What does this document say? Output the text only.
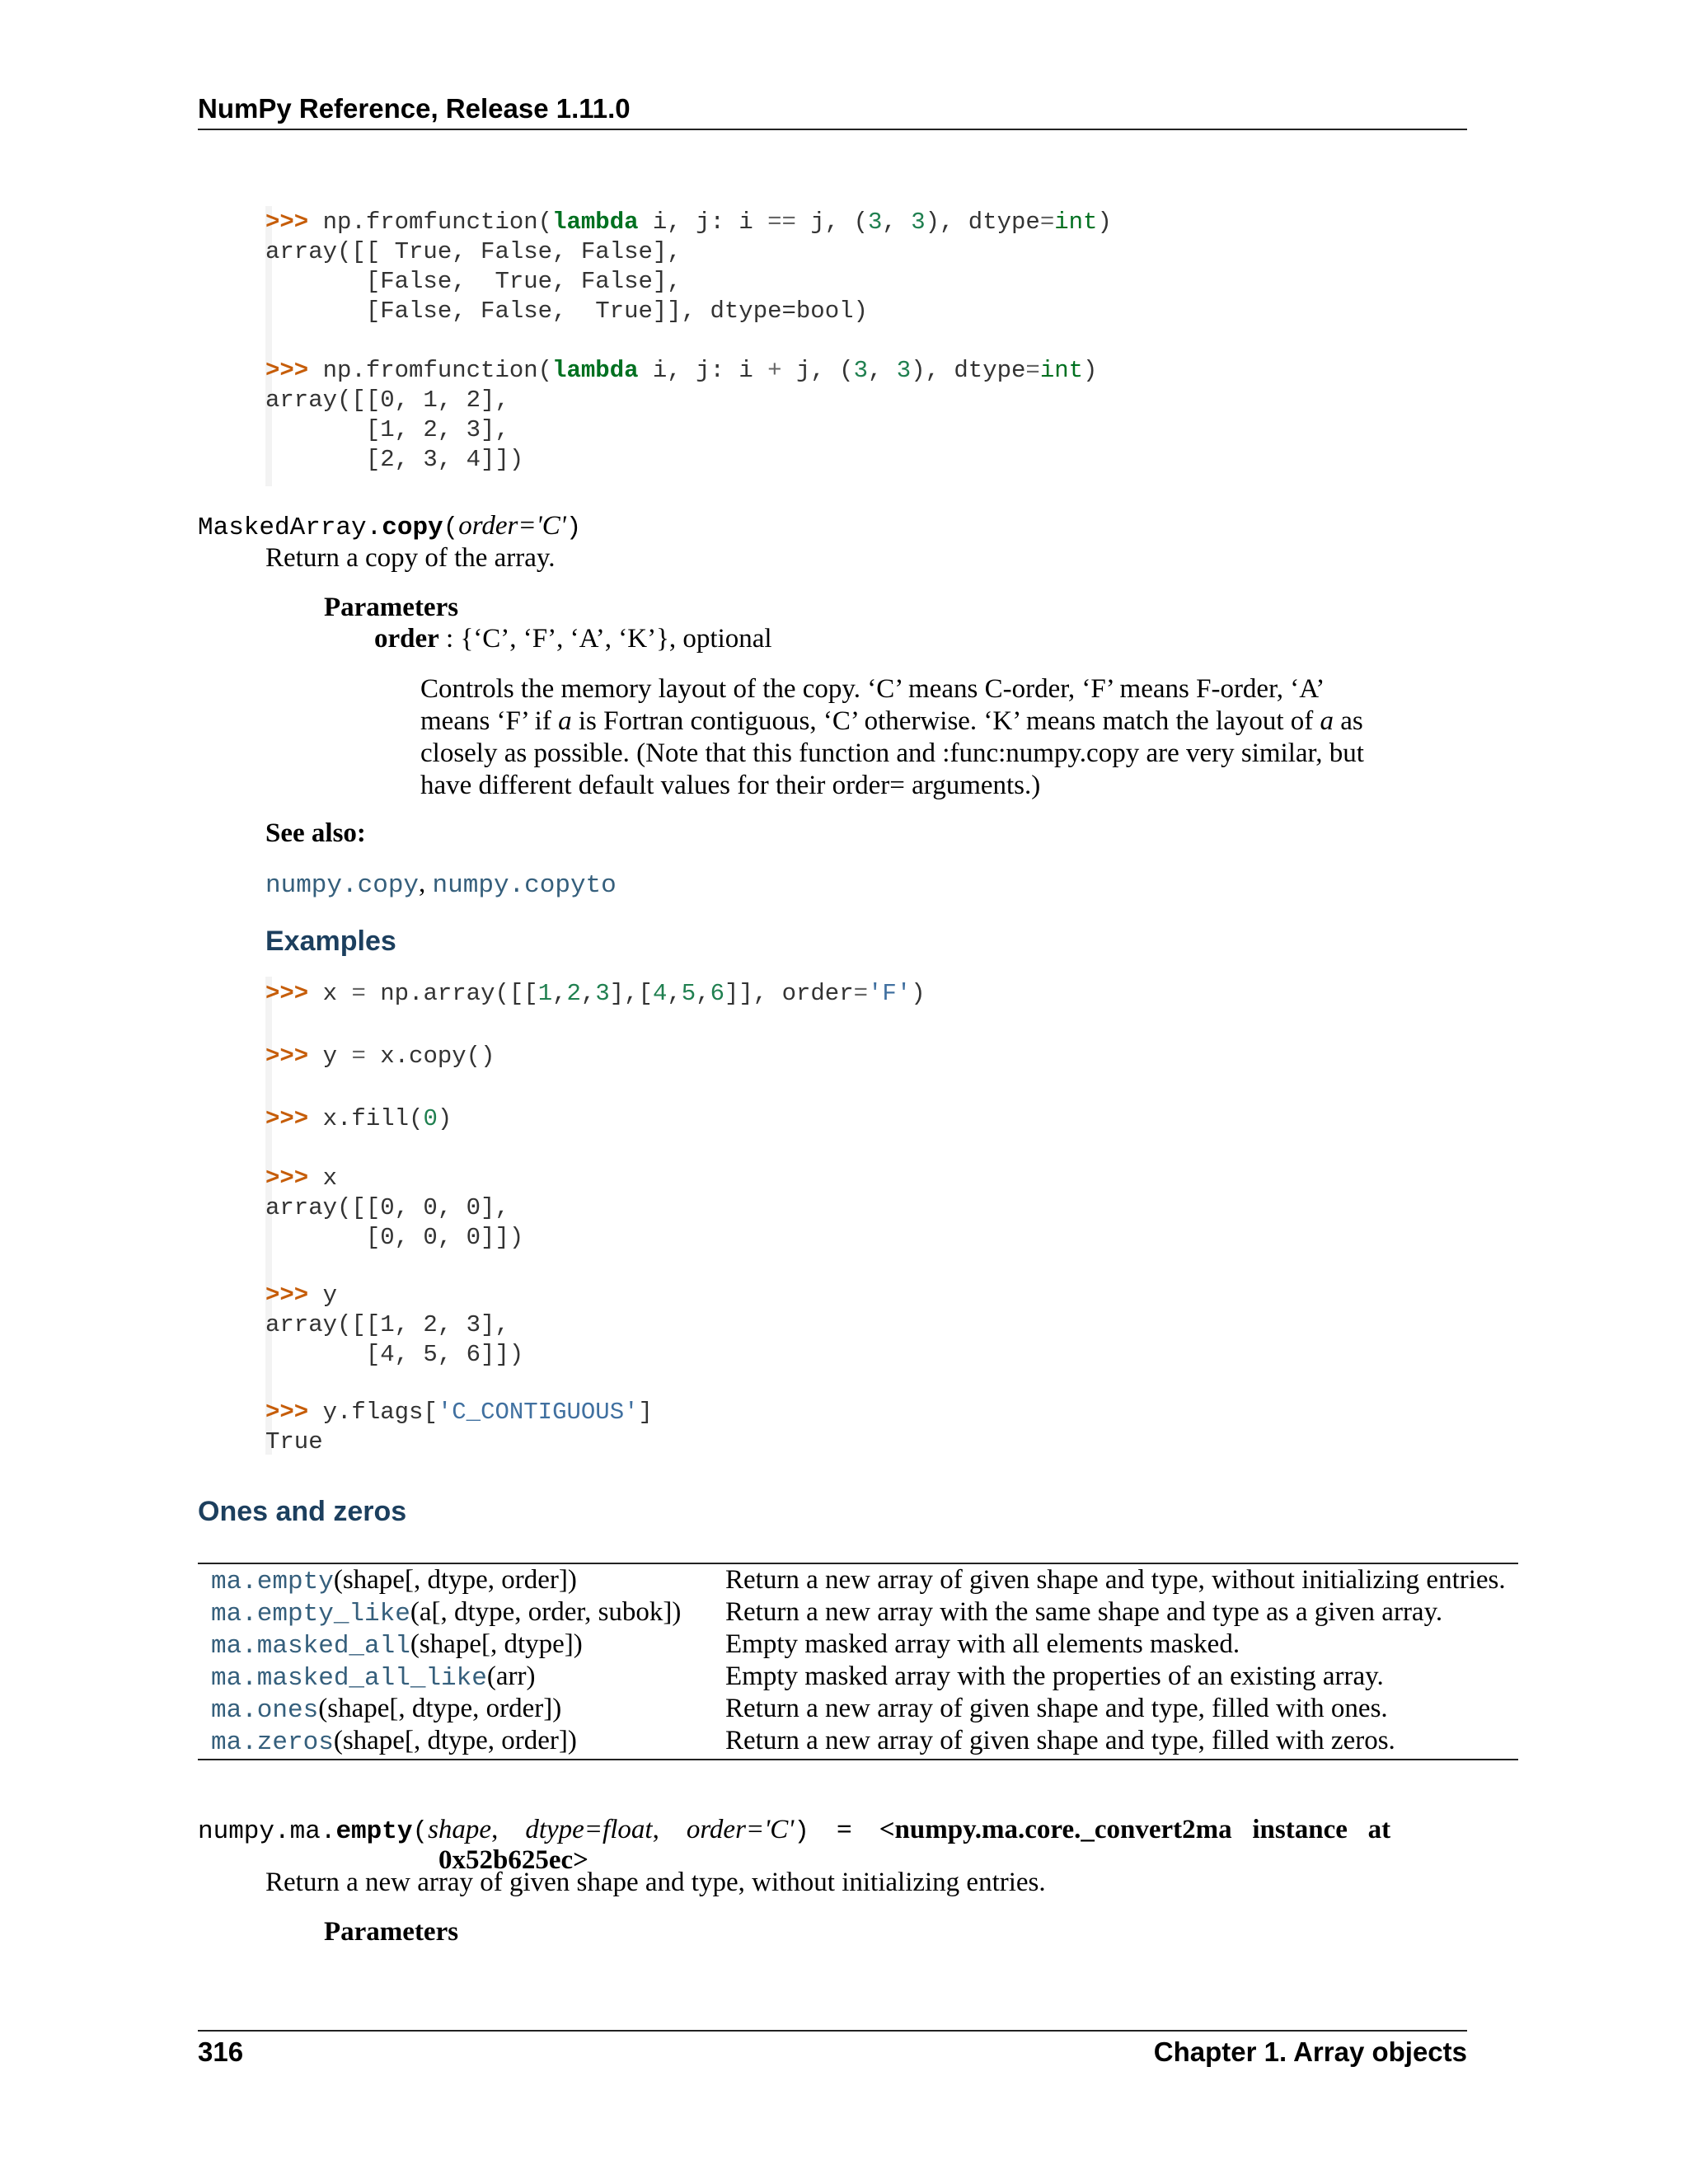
NumPy Reference, Release 1.11.0
>>> np.fromfunction(lambda i, j: i == j, (3, 3), dtype=int)
array([[ True, False, False],
[False,  True, False],
[False, False,  True]], dtype=bool)

>>> np.fromfunction(lambda i, j: i + j, (3, 3), dtype=int)
array([[0, 1, 2],
[1, 2, 3],
[2, 3, 4]])
MaskedArray.copy(order='C')
Return a copy of the array.
Parameters
order : {‘C’, ‘F’, ‘A’, ‘K’}, optional
Controls the memory layout of the copy. ‘C’ means C-order, ‘F’ means F-order, ‘A’ means ‘F’ if a is Fortran contiguous, ‘C’ otherwise. ‘K’ means match the layout of a as closely as possible. (Note that this function and :func:numpy.copy are very similar, but have different default values for their order= arguments.)
See also:
numpy.copy, numpy.copyto
Examples
>>> x = np.array([[1,2,3],[4,5,6]], order='F')
>>> y = x.copy()
>>> x.fill(0)
>>> x
array([[0, 0, 0],
[0, 0, 0]])
>>> y
array([[1, 2, 3],
[4, 5, 6]])
>>> y.flags['C_CONTIGUOUS']
True
Ones and zeros
ma.empty(shape[, dtype, order])	Return a new array of given shape and type, without initializing entries.
ma.empty_like(a[, dtype, order, subok]) Return a new array with the same shape and type as a given array.
ma.masked_all(shape[, dtype])	Empty masked array with all elements masked.
ma.masked_all_like(arr)	Empty masked array with the properties of an existing array.
ma.ones(shape[, dtype, order])	Return a new array of given shape and type, filled with ones.
ma.zeros(shape[, dtype, order])	Return a new array of given shape and type, filled with zeros.
numpy.ma.empty(shape,    dtype=float,    order='C') = <numpy.ma.core._convert2ma   instance   at
0x52b625ec>
Return a new array of given shape and type, without initializing entries.
Parameters
316	Chapter 1. Array objects
